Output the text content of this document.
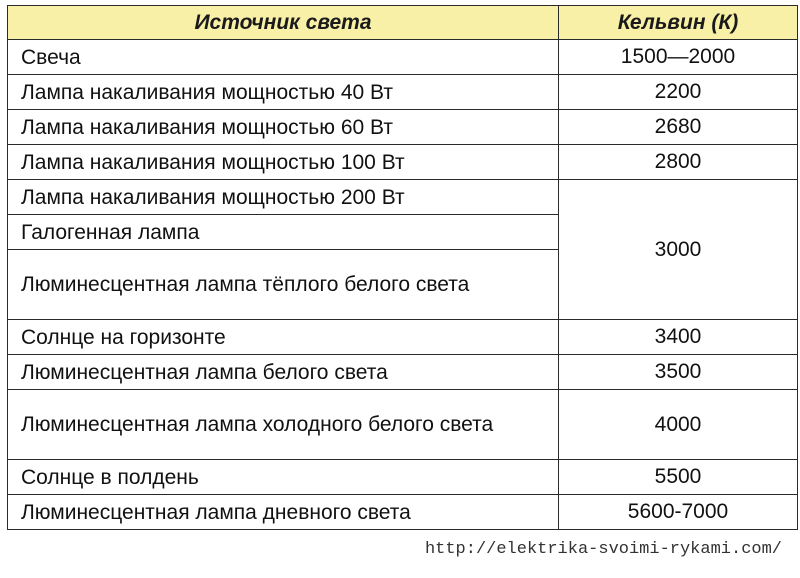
Источник света	Кельвин (К)
Свеча	1500—2000
Лампа накаливания мощностью 40 Вт	2200
Лампа накаливания мощностью 60 Вт	2680
Лампа накаливания мощностью 100 Вт	2800
Лампа накаливания мощностью 200 Вт	3000
Галогенная лампа	
Люминесцентная лампа тёплого белого света	
Солнце на горизонте	3400
Люминесцентная лампа белого света	3500
Люминесцентная лампа холодного белого света	4000
Солнце в полдень	5500
Люминесцентная лампа дневного света	5600-7000
http://elektrika-svoimi-rykami.com/
